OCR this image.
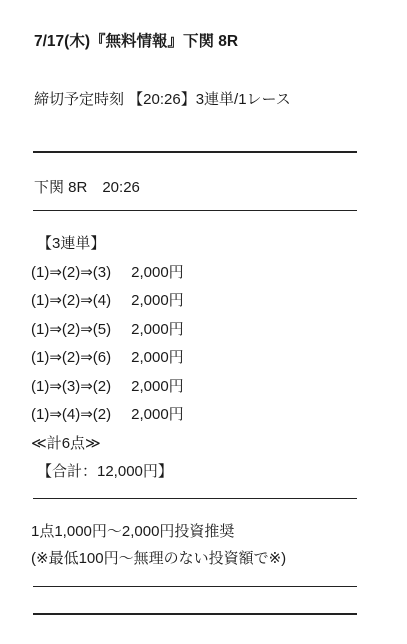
7/17(木)『無料情報』下関 8R
締切予定時刻 【20:26】3連単/1レース
下関 8R　20:26
【3連単】
(1)⇒(2)⇒(3) 2,000円
(1)⇒(2)⇒(4) 2,000円
(1)⇒(2)⇒(5) 2,000円
(1)⇒(2)⇒(6) 2,000円
(1)⇒(3)⇒(2) 2,000円
(1)⇒(4)⇒(2) 2,000円
≪計6点≫
【合計：12,000円】
1点1,000円〜2,000円投資推奨
(※最低100円〜無理のない投資額で※)
